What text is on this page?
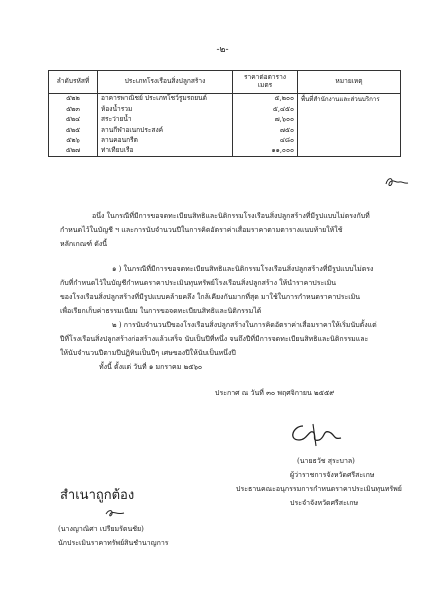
-๒-
ลำดับรหัสที่	ประเภทโรงเรือนสิ่งปลูกสร้าง	ราคาต่อตาราง
เมตร	หมายเหตุ
๕๒๒	อาคารพาณิชย์ ประเภทโชว์รูมรถยนต์	๕,๒๐๐	พื้นที่สำนักงานและส่วนบริการ
๕๒๓	ห้องน้ำรวม	๕,๔๕๐	
๕๒๔	สระว่ายน้ำ	๗,๖๐๐	
๕๒๕	ลานกีฬาอเนกประสงค์	๗๕๐	
๕๒๖	ลานคอนกรีต	๔๘๐	
๕๒๗	ท่าเทียบเรือ	๑๑,๐๐๐	
อนึ่ง ในกรณีที่มีการขอจดทะเบียนสิทธิและนิติกรรมโรงเรือนสิ่งปลูกสร้างที่มีรูปแบบไม่ตรงกับที่
กำหนดไว้ในบัญชี ฯ และการนับจำนวนปีในการคิดอัตราค่าเสื่อมราคาตามตารางแนบท้ายให้ใช้
หลักเกณฑ์ ดังนี้
๑ ) ในกรณีที่มีการขอจดทะเบียนสิทธิและนิติกรรมโรงเรือนสิ่งปลูกสร้างที่มีรูปแบบไม่ตรง
กับที่กำหนดไว้ในบัญชีกำหนดราคาประเมินทุนทรัพย์โรงเรือนสิ่งปลูกสร้าง ให้นำราคาประเมิน
ของโรงเรือนสิ่งปลูกสร้างที่มีรูปแบบคล้ายคลึง ใกล้เคียงกันมากที่สุด มาใช้ในการกำหนดราคาประเมิน
เพื่อเรียกเก็บค่าธรรมเนียม ในการขอจดทะเบียนสิทธิและนิติกรรมได้
๒ ) การนับจำนวนปีของโรงเรือนสิ่งปลูกสร้างในการคิดอัตราค่าเสื่อมราคาให้เริ่มนับตั้งแต่
ปีที่โรงเรือนสิ่งปลูกสร้างก่อสร้างแล้วเสร็จ นับเป็นปีที่หนึ่ง จนถึงปีที่มีการจดทะเบียนสิทธิและนิติกรรมและ
ให้นับจำนวนปีตามปีปฏิทินเป็นปีๆ เศษของปีให้นับเป็นหนึ่งปี
ทั้งนี้ ตั้งแต่ วันที่ ๑ มกราคม ๒๕๖๐
ประกาศ ณ วันที่ ๓๐ พฤศจิกายน ๒๕๕๙
(นายธวัช สุระบาล)
ผู้ว่าราชการจังหวัดศรีสะเกษ
ประธานคณะอนุกรรมการกำหนดราคาประเมินทุนทรัพย์
ประจำจังหวัดศรีสะเกษ
สำเนาถูกต้อง
(นางญาณิศา เปรียมรัตนชัย)
นักประเมินราคาทรัพย์สินชำนาญการ
